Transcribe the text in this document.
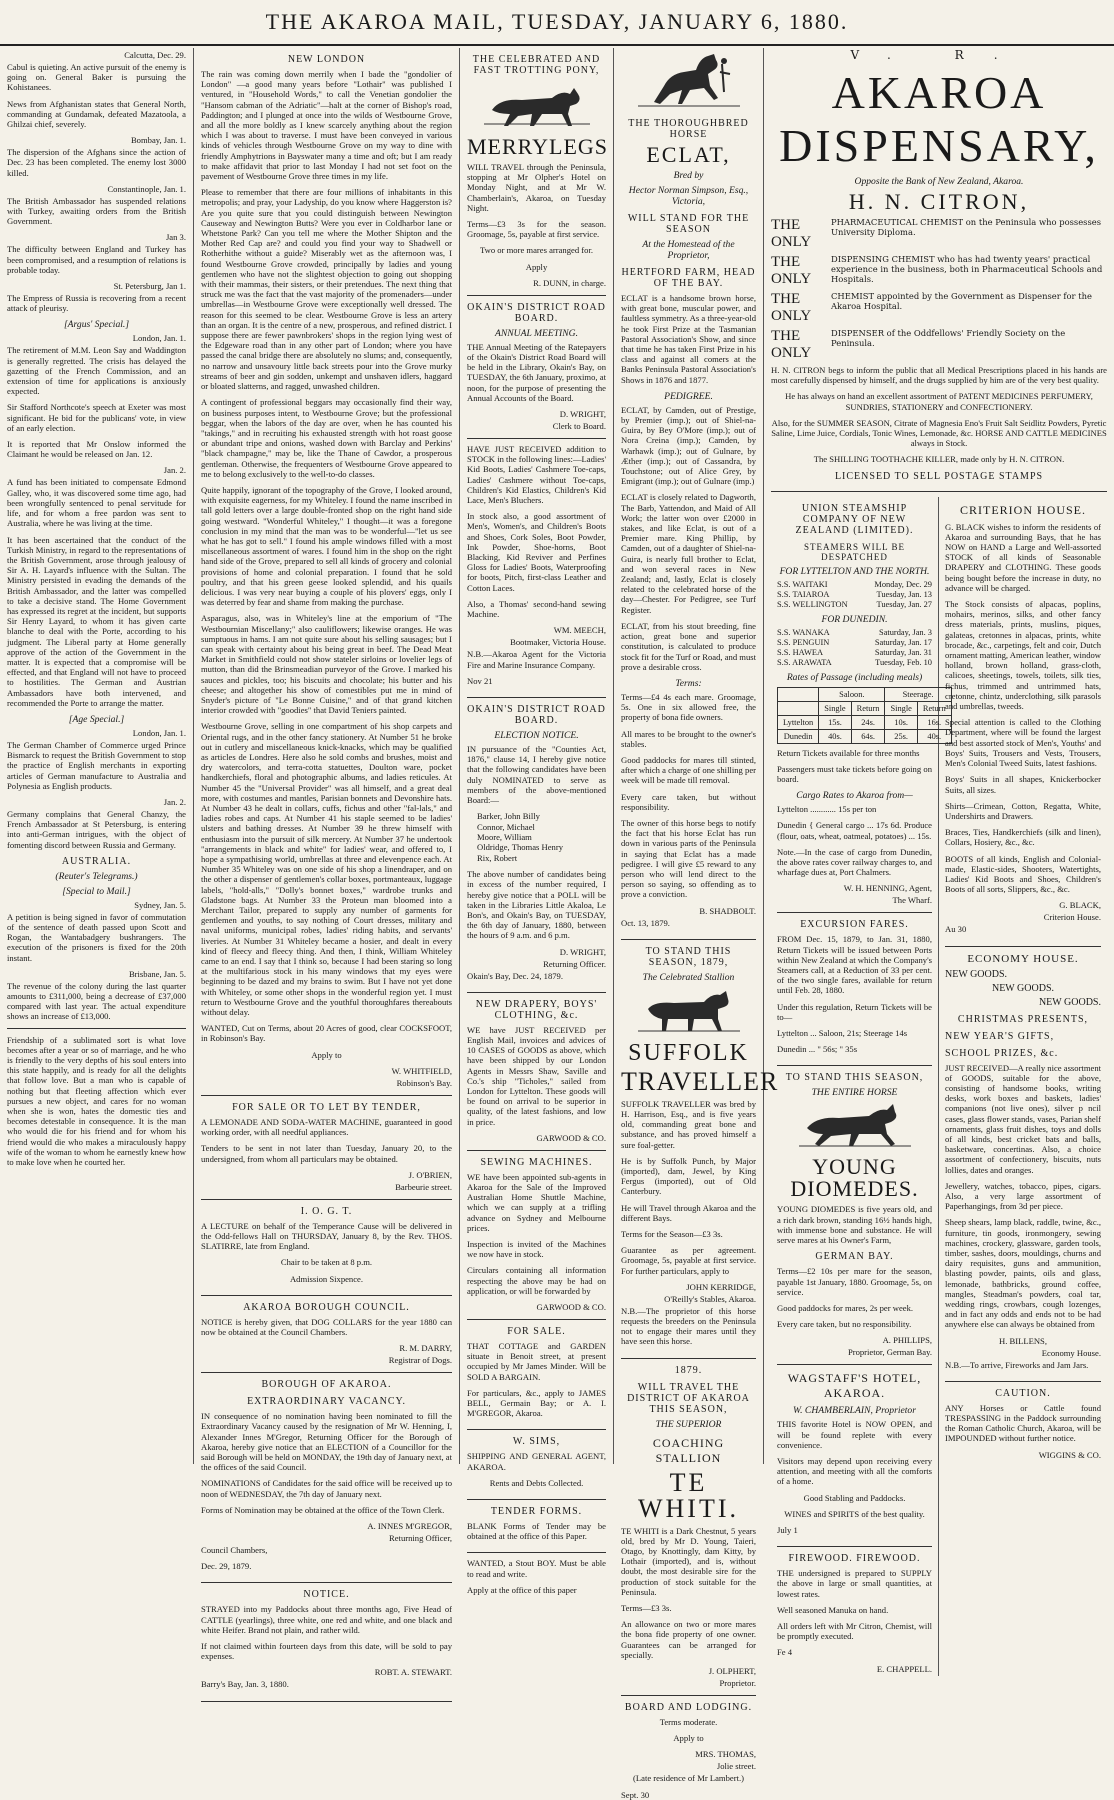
THE AKAROA MAIL, TUESDAY, JANUARY 6, 1880.
Calcutta, Dec. 29.

Cabul is quieting. An active pursuit of the enemy is going on. General Baker is pursuing the Kohistanees.

News from Afghanistan states that General North, commanding at Gundamak, defeated Mazatoola, a Ghilzai chief, severely.

Bombay, Jan. 1.

The dispersion of the Afghans since the action of Dec. 23 has been completed. The enemy lost 3000 killed.

Constantinople, Jan. 1.

The British Ambassador has suspended relations with Turkey, awaiting orders from the British Government.

Jan 3.

The difficulty between England and Turkey has been compromised, and a resumption of relations is probable today.

St. Petersburg, Jan 1.

The Empress of Russia is recovering from a recent attack of pleurisy.

[Argus' Special.]
London, Jan. 1.

The retirement of M.M. Leon Say and Waddington is generally regretted. The crisis has delayed the gazetting of the French Commission, and an extension of time for applications is anxiously expected.

Sir Stafford Northcote's speech at Exeter was most significant. He bid for the publicans' vote, in view of an early election.

It is reported that Mr Onslow informed the Claimant he would be released on Jan. 12.

Jan. 2.

A fund has been initiated to compensate Edmond Galley, who, it was discovered some time ago, had been wrongfully sentenced to penal servitude for life, and for whom a free pardon was sent to Australia, where he was living at the time.

It has been ascertained that the conduct of the Turkish Ministry, in regard to the representations of the British Government, arose through jealousy of Sir A. H. Layard's influence with the Sultan. The Ministry persisted in evading the demands of the British Ambassador, and the latter was compelled to take a decisive stand. The Home Government has expressed its regret at the incident, but supports Sir Henry Layard, to whom it has given carte blanche to deal with the Porte, according to his judgment. The Liberal party at Home generally approve of the action of the Government in the matter. It is expected that a compromise will be effected, and that England will not have to proceed to hostilities. The German and Austrian Ambassadors have both intervened, and recommended the Porte to arrange the matter.

[Age Special.]
London, Jan. 1.

The German Chamber of Commerce urged Prince Bismarck to request the British Government to stop the practice of English merchants in exporting articles of German manufacture to Australia and Polynesia as English products.

Jan. 2.

Germany complains that General Chanzy, the French Ambassador at St Petersburg, is entering into anti-German intrigues, with the object of fomenting discord between Russia and Germany.

AUSTRALIA.
(Reuter's Telegrams.)
[Special to Mail.]
Sydney, Jan. 5.

A petition is being signed in favor of commutation of the sentence of death passed upon Scott and Rogan, the Wantabadgery bushrangers. The execution of the prisoners is fixed for the 20th instant.

Brisbane, Jan. 5.

The revenue of the colony during the last quarter amounts to £311,000, being a decrease of £37,000 compared with last year. The actual expenditure shows an increase of £13,000.

Friendship of a sublimated sort is what love becomes after a year or so of marriage, and he who is friendly to the very depths of his soul enters into this state happily, and is ready for all the delights that follow love. But a man who is capable of nothing but that fleeting affection which ever pursues a new object, and cares for no woman when she is won, hates the domestic ties and becomes detestable in consequence. It is the man who would die for his friend and for whom his friend would die who makes a miraculously happy wife of the woman to whom he earnestly knew how to make love when he courted her.

NEW LONDON

The rain was coming down merrily when I bade the "gondolier of London" —a good many years before "Lothair" was published I ventured, in "Household Words," to call the Venetian gondolier the "Hansom cabman of the Adriatic"—halt at the corner of Bishop's road, Paddington; and I plunged at once into the wilds of Westbourne Grove, and all the more boldly as I knew scarcely anything about the region which I was about to traverse. I must have been conveyed in various kinds of vehicles through Westbourne Grove on my way to dine with friendly Amphytrions in Bayswater many a time and oft; but I am ready to make affidavit that prior to last Monday I had not set foot on the pavement of Westbourne Grove three times in my life.

Please to remember that there are four millions of inhabitants in this metropolis; and pray, your Ladyship, do you know where Haggerston is? Are you quite sure that you could distinguish between Newington Causeway and Newington Butts? Were you ever in Coldharbor lane or Whetstone Park? Can you tell me where the Mother Shipton and the Mother Red Cap are? and could you find your way to Shadwell or Rotherhithe without a guide? Miserably wet as the afternoon was, I found Westbourne Grove crowded, principally by ladies and young gentlemen who have not the slightest objection to going out shopping with their mammas, their sisters, or their pretendues. The next thing that struck me was the fact that the vast majority of the promenaders—under umbrellas—in Westbourne Grove were exceptionally well dressed. The reason for this seemed to be clear. Westbourne Grove is less an artery than an organ. It is the centre of a new, prosperous, and refined district. I suppose there are fewer pawnbrokers' shops in the region lying west of the Edgeware road than in any other part of London; where you have passed the canal bridge there are absolutely no slums; and, consequently, no narrow and unsavoury little back streets pour into the Grove murky streams of beer and gin sodden, unkempt and unshaven idlers, haggard or bloated slatterns, and ragged, unwashed children.

A contingent of professional beggars may occasionally find their way, on business purposes intent, to Westbourne Grove; but the professional beggar, when the labors of the day are over, when he has counted his "takings," and in recruiting his exhausted strength with hot roast goose or abundant tripe and onions, washed down with Barclay and Perkins' "black champagne," may be, like the Thane of Cawdor, a prosperous gentleman. Otherwise, the frequenters of Westbourne Grove appeared to me to belong exclusively to the well-to-do classes.

Quite happily, ignorant of the topography of the Grove, I looked around, with exquisite eagerness, for my Whiteley. I found the name inscribed in tall gold letters over a large double-fronted shop on the right hand side going westward. "Wonderful Whiteley," I thought—it was a foregone conclusion in my mind that the man was to be wonderful—"let us see what he has got to sell." I found his ample windows filled with a most miscellaneous assortment of wares. I found him in the shop on the right hand side of the Grove, prepared to sell all kinds of grocery and colonial provisions of home and colonial preparation. I found that he sold poultry, and that his green geese looked splendid, and his quails delicious. I was very near buying a couple of his plovers' eggs, only I was deterred by fear and shame from making the purchase.

Asparagus, also, was in Whiteley's line at the emporium of "The Westbournian Miscellany;" also cauliflowers; likewise oranges. He was sumptuous in hams. I am not quite sure about his selling sausages; but I can speak with certainty about his being great in beef. The Dead Meat Market in Smithfield could not show stateler sirloins or lovelier legs of mutton, than did the Brinsmeadian purveyor of the Grove. I marked his sauces and pickles, too; his biscuits and chocolate; his butter and his cheese; and altogether his show of comestibles put me in mind of Snyder's picture of "Le Bonne Cuisine," and of that grand kitchen interior crowded with "goodies" that David Teniers painted.

Westbourne Grove, selling in one compartment of his shop carpets and Oriental rugs, and in the other fancy stationery. At Number 51 he broke out in cutlery and miscellaneous knick-knacks, which may be qualified as articles de Londres. Here also he sold combs and brushes, moist and dry watercolors, and terra-cotta statuettes, Doulton ware, pocket handkerchiefs, floral and photographic albums, and ladies reticules. At Number 45 the "Universal Provider" was all himself, and a great deal more, with costumes and mantles, Parisian bonnets and Devonshire hats. At Number 43 he dealt in collars, cuffs, fichus and other "fal-lals," and ladies robes and caps. At Number 41 his staple seemed to be ladies' ulsters and bathing dresses. At Number 39 he threw himself with enthusiasm into the pursuit of silk mercery. At Number 37 he undertook "arrangements in black and white" for ladies' wear, and offered to, I hope a sympathising world, umbrellas at three and elevenpence each. At Number 35 Whiteley was on one side of his shop a linendraper, and on the other a dispenser of gentlemen's collar boxes, portmanteaux, luggage labels, "hold-alls," "Dolly's bonnet boxes," wardrobe trunks and Gladstone bags. At Number 33 the Proteun man bloomed into a Merchant Tailor, prepared to supply any number of garments for gentlemen and youths, to say nothing of Court dresses, military and naval uniforms, municipal robes, ladies' riding habits, and servants' liveries. At Number 31 Whiteley became a hosier, and dealt in every kind of fleecy and fleecy thing. And then, I think, William Whiteley came to an end. I say that I think so, because I had been staring so long at the multifarious stock in his many windows that my eyes were beginning to be dazed and my brains to swim. But I have not yet done with Whiteley, or some other shops in the wonderful region yet. I must return to Westbourne Grove and the youthful thoroughfares thereabouts without delay.

WANTED, Cut on Terms, about 20 Acres of good, clear COCKSFOOT, in Robinson's Bay.

Apply to

W. WHITFIELD,
Robinson's Bay.
FOR SALE OR TO LET BY TENDER,

A LEMONADE AND SODA-WATER MACHINE, guaranteed in good working order, with all needful appliances.

Tenders to be sent in not later than Tuesday, January 20, to the undersigned, from whom all particulars may be obtained.

J. O'BRIEN,
Barbeurie street.
I. O. G. T.

A LECTURE on behalf of the Temperance Cause will be delivered in the Odd-fellows Hall on THURSDAY, January 8, by the Rev. THOS. SLATIRRE, late from England.

Chair to be taken at 8 p.m.

Admission Sixpence.

AKAROA BOROUGH COUNCIL.

NOTICE is hereby given, that DOG COLLARS for the year 1880 can now be obtained at the Council Chambers.

R. M. DARRY,
Registrar of Dogs.
BOROUGH OF AKAROA.
EXTRAORDINARY VACANCY.

IN consequence of no nomination having been nominated to fill the Extraordinary Vacancy caused by the resignation of Mr W. Henning, I, Alexander Innes M'Gregor, Returning Officer for the Borough of Akaroa, hereby give notice that an ELECTION of a Councillor for the said Borough will be held on MONDAY, the 19th day of January next, at the offices of the said Council.

NOMINATIONS of Candidates for the said office will be received up to noon of WEDNESDAY, the 7th day of January next.

Forms of Nomination may be obtained at the office of the Town Clerk.

A. INNES M'GREGOR,
Returning Officer,

Council Chambers,

Dec. 29, 1879.

NOTICE.

STRAYED into my Paddocks about three months ago, Five Head of CATTLE (yearlings), three white, one red and white, and one black and white Heifer. Brand not plain, and rather wild.

If not claimed within fourteen days from this date, will be sold to pay expenses.

ROBT. A. STEWART.

Barry's Bay, Jan. 3, 1880.

THE CELEBRATED AND FAST TROTTING PONY,
MERRYLEGS

WILL TRAVEL through the Peninsula, stopping at Mr Olpher's Hotel on Monday Night, and at Mr W. Chamberlain's, Akaroa, on Tuesday Night.

Terms—£3 3s for the season. Groomage, 5s, payable at first service.

Two or more mares arranged for.

Apply

R. DUNN, in charge.
OKAIN'S DISTRICT ROAD BOARD.
ANNUAL MEETING.

THE Annual Meeting of the Ratepayers of the Okain's District Road Board will be held in the Library, Okain's Bay, on TUESDAY, the 6th January, proximo, at noon, for the purpose of presenting the Annual Accounts of the Board.

D. WRIGHT,
Clerk to Board.

HAVE JUST RECEIVED addition to STOCK in the following lines:—Ladies' Kid Boots, Ladies' Cashmere Toe-caps, Ladies' Cashmere without Toe-caps, Children's Kid Elastics, Children's Kid Lace, Men's Bluchers.

In stock also, a good assortment of Men's, Women's, and Children's Boots and Shoes, Cork Soles, Boot Powder, Ink Powder, Shoe-horns, Boot Blacking, Kid Reviver and Perfines Gloss for Ladies' Boots, Waterproofing for boots, Pitch, first-class Leather and Cotton Laces.

Also, a Thomas' second-hand sewing Machine.

WM. MEECH,
Bootmaker, Victoria House.

N.B.—Akaroa Agent for the Victoria Fire and Marine Insurance Company.

Nov 21

OKAIN'S DISTRICT ROAD BOARD.
ELECTION NOTICE.

IN pursuance of the "Counties Act, 1876," clause 14, I hereby give notice that the following candidates have been duly NOMINATED to serve as members of the above-mentioned Board:—

Barker, John Billy
Connor, Michael
Moore, William
Oldridge, Thomas Henry
Rix, Robert

The above number of candidates being in excess of the number required, I hereby give notice that a POLL will be taken in the Libraries Little Akaloa, Le Bon's, and Okain's Bay, on TUESDAY, the 6th day of January, 1880, between the hours of 9 a.m. and 6 p.m.

D. WRIGHT,
Returning Officer.

Okain's Bay, Dec. 24, 1879.

NEW DRAPERY, BOYS' CLOTHING, &c.

WE have JUST RECEIVED per English Mail, invoices and advices of 10 CASES of GOODS as above, which have been shipped by our London Agents in Messrs Shaw, Saville and Co.'s ship "Ticholes," sailed from London for Lyttelton. These goods will be found on arrival to be superior in quality, of the latest fashions, and low in price.

GARWOOD & CO.
SEWING MACHINES.

WE have been appointed sub-agents in Akaroa for the Sale of the Improved Australian Home Shuttle Machine, which we can supply at a trifling advance on Sydney and Melbourne prices.

Inspection is invited of the Machines we now have in stock.

Circulars containing all information respecting the above may be had on application, or will be forwarded by

GARWOOD & CO.
FOR SALE.

THAT COTTAGE and GARDEN situate in Benoit street, at present occupied by Mr James Minder. Will be SOLD A BARGAIN.

For particulars, &c., apply to JAMES BELL, Germain Bay; or A. I. M'GREGOR, Akaroa.

W. SIMS,

SHIPPING AND GENERAL AGENT, AKAROA.

Rents and Debts Collected.

TENDER FORMS.

BLANK Forms of Tender may be obtained at the office of this Paper.

WANTED, a Stout BOY. Must be able to read and write.

Apply at the office of this paper

THE THOROUGHBRED HORSE
ECLAT,
Bred by
Hector Norman Simpson, Esq., Victoria,
WILL STAND FOR THE SEASON
At the Homestead of the Proprietor,
HERTFORD FARM, HEAD OF THE BAY.

ECLAT is a handsome brown horse, with great bone, muscular power, and faultless symmetry. As a three-year-old he took First Prize at the Tasmanian Pastoral Association's Show, and since that time he has taken First Prize in his class and against all comers at the Banks Peninsula Pastoral Association's Shows in 1876 and 1877.

PEDIGREE.

ECLAT, by Camden, out of Prestige, by Premier (imp.); out of Shiel-na-Guira, by Bey O'More (imp.); out of Nora Creina (imp.); Camden, by Warhawk (imp.); out of Gulnare, by Æther (imp.); out of Cassandra, by Touchstone; out of Alice Grey, by Emigrant (imp.); out of Gulnare (imp.)

ECLAT is closely related to Dagworth, The Barb, Yattendon, and Maid of All Work; the latter won over £2000 in stakes, and like Eclat, is out of a Premier mare. King Phillip, by Camden, out of a daughter of Shiel-na-Guira, is nearly full brother to Eclat, and won several races in New Zealand; and, lastly, Eclat is closely related to the celebrated horse of the day—Chester. For Pedigree, see Turf Register.

ECLAT, from his stout breeding, fine action, great bone and superior constitution, is calculated to produce stock fit for the Turf or Road, and must prove a desirable cross.

Terms:

Terms—£4 4s each mare. Groomage, 5s. One in six allowed free, the property of bona fide owners.

All mares to be brought to the owner's stables.

Good paddocks for mares till stinted, after which a charge of one shilling per week will be made till removal.

Every care taken, but without responsibility.

The owner of this horse begs to notify the fact that his horse Eclat has run down in various parts of the Peninsula in saying that Eclat has a made pedigree. I will give £5 reward to any person who will lend direct to the person so saying, so offending as to prove a conviction.

B. SHADBOLT.

Oct. 13, 1879.

TO STAND THIS SEASON, 1879,
The Celebrated Stallion
SUFFOLK
TRAVELLER

SUFFOLK TRAVELLER was bred by H. Harrison, Esq., and is five years old, commanding great bone and substance, and has proved himself a sure foal-getter.

He is by Suffolk Punch, by Major (imported), dam, Jewel, by King Fergus (imported), out of Old Canterbury.

He will Travel through Akaroa and the different Bays.

Terms for the Season—£3 3s.

Guarantee as per agreement. Groomage, 5s, payable at first service. For further particulars, apply to

JOHN KERRIDGE,
O'Reilly's Stables, Akaroa.

N.B.—The proprietor of this horse requests the breeders on the Peninsula not to engage their mares until they have seen this horse.

1879.
WILL TRAVEL THE DISTRICT OF AKAROA THIS SEASON,
THE SUPERIOR
COACHING STALLION
TE WHITI.

TE WHITI is a Dark Chestnut, 5 years old, bred by Mr D. Young, Taieri, Otago, by Knottingly, dam Kitty, by Lothair (imported), and is, without doubt, the most desirable sire for the production of stock suitable for the Peninsula.

Terms—£3 3s.

An allowance on two or more mares the bona fide property of one owner. Guarantees can be arranged for specially.

J. OLPHERT,
Proprietor.
BOARD AND LODGING.

Terms moderate.

Apply to

MRS. THOMAS,
Jolie street.

(Late residence of Mr Lambert.)

Sept. 30

V. R.
AKAROA DISPENSARY,
Opposite the Bank of New Zealand, Akaroa.
H. N. CITRON,
THE ONLY
PHARMACEUTICAL CHEMIST on the Peninsula who possesses University Diploma.
THE ONLY
DISPENSING CHEMIST who has had twenty years' practical experience in the business, both in Pharmaceutical Schools and Hospitals.
THE ONLY
CHEMIST appointed by the Government as Dispenser for the Akaroa Hospital.
THE ONLY
DISPENSER of the Oddfellows' Friendly Society on the Peninsula.

H. N. CITRON begs to inform the public that all Medical Prescriptions placed in his hands are most carefully dispensed by himself, and the drugs supplied by him are of the very best quality.

He has always on hand an excellent assortment of PATENT MEDICINES PERFUMERY, SUNDRIES, STATIONERY and CONFECTIONERY.

Also, for the SUMMER SEASON, Citrate of Magnesia Eno's Fruit Salt Seidlitz Powders, Pyretic Saline, Lime Juice, Cordials, Tonic Wines, Lemonade, &c. HORSE AND CATTLE MEDICINES always in Stock.

The SHILLING TOOTHACHE KILLER, made only by H. N. CITRON.

LICENSED TO SELL POSTAGE STAMPS
UNION STEAMSHIP COMPANY OF NEW ZEALAND (LIMITED).
STEAMERS WILL BE DESPATCHED
FOR LYTTELTON AND THE NORTH.
S.S. WAITAKI	Monday, Dec. 29
S.S. TAIAROA	Tuesday, Jan. 13
S.S. WELLINGTON	Tuesday, Jan. 27
FOR DUNEDIN.
S.S. WANAKA	Saturday, Jan. 3
S.S. PENGUIN	Saturday, Jan. 17
S.S. HAWEA	Saturday, Jan. 31
S.S. ARAWATA	Tuesday, Feb. 10
Rates of Passage (including meals)
	Saloon.		Steerage.	
	Single	Return	Single	Return
Lyttelton	15s.	24s.	10s.	16s.
Dunedin	40s.	64s.	25s.	40s.

Return Tickets available for three months

Passengers must take tickets before going on board.

Cargo Rates to Akaroa from—

Lyttelton ............ 15s per ton

Dunedin { General cargo ... 17s 6d. Produce (flour, oats, wheat, oatmeal, potatoes) ... 15s.

Note.—In the case of cargo from Dunedin, the above rates cover railway charges to, and wharfage dues at, Port Chalmers.

W. H. HENNING, Agent,
The Wharf.
EXCURSION FARES.

FROM Dec. 15, 1879, to Jan. 31, 1880, Return Tickets will be issued between Ports within New Zealand at which the Company's Steamers call, at a Reduction of 33 per cent. of the two single fares, available for return until Feb. 28, 1880.

Under this regulation, Return Tickets will be to—

Lyttelton ... Saloon, 21s; Steerage 14s

Dunedin ... " 56s; " 35s

TO STAND THIS SEASON,
THE ENTIRE HORSE
YOUNG DIOMEDES.

YOUNG DIOMEDES is five years old, and a rich dark brown, standing 16½ hands high, with immense bone and substance. He will serve mares at his Owner's Farm,

GERMAN BAY.

Terms—£2 10s per mare for the season, payable 1st January, 1880. Groomage, 5s, on service.

Good paddocks for mares, 2s per week.

Every care taken, but no responsibility.

A. PHILLIPS,
Proprietor, German Bay.
WAGSTAFF'S HOTEL, AKAROA.
W. CHAMBERLAIN, Proprietor

THIS favorite Hotel is NOW OPEN, and will be found replete with every convenience.

Visitors may depend upon receiving every attention, and meeting with all the comforts of a home.

Good Stabling and Paddocks.

WINES and SPIRITS of the best quality.

July 1

FIREWOOD. FIREWOOD.

THE undersigned is prepared to SUPPLY the above in large or small quantities, at lowest rates.

Well seasoned Manuka on hand.

All orders left with Mr Citron, Chemist, will be promptly executed.

Fe 4

E. CHAPPELL.
CRITERION HOUSE.

G. BLACK wishes to inform the residents of Akaroa and surrounding Bays, that he has NOW on HAND a Large and Well-assorted STOCK of all kinds of Seasonable DRAPERY and CLOTHING. These goods being bought before the increase in duty, no advance will be charged.

The Stock consists of alpacas, poplins, mohairs, merinos, silks, and other fancy dress materials, prints, muslins, piques, galateas, cretonnes in alpacas, prints, white brocade, &c., carpetings, felt and coir, Dutch ornament matting, American leather, window holland, brown holland, grass-cloth, calicoes, sheetings, towels, toilets, silk ties, fichus, trimmed and untrimmed hats, cretonne, chintz, underclothing, silk parasols and umbrellas, tweeds.

Special attention is called to the Clothing Department, where will be found the largest and best assorted stock of Men's, Youths' and Boys' Suits, Trousers and Vests, Trousers, Men's Colonial Tweed Suits, latest fashions.

Boys' Suits in all shapes, Knickerbocker Suits, all sizes.

Shirts—Crimean, Cotton, Regatta, White, Undershirts and Drawers.

Braces, Ties, Handkerchiefs (silk and linen), Collars, Hosiery, &c., &c.

BOOTS of all kinds, English and Colonial-made, Elastic-sides, Shooters, Watertights, Ladies' Kid Boots and Shoes, Children's Boots of all sorts, Slippers, &c., &c.

G. BLACK,
Criterion House.

Au 30

ECONOMY HOUSE.
NEW GOODS.
NEW GOODS.
NEW GOODS.
CHRISTMAS PRESENTS,
NEW YEAR'S GIFTS,
SCHOOL PRIZES, &c.

JUST RECEIVED—A really nice assortment of GOODS, suitable for the above, consisting of handsome books, writing desks, work boxes and baskets, ladies' companions (not live ones), silver p ncil cases, glass flower stands, vases, Parian shelf ornaments, glass fruit dishes, toys and dolls of all kinds, best cricket bats and balls, basketware, concertinas. Also, a choice assortment of confectionery, biscuits, nuts lollies, dates and oranges.

Jewellery, watches, tobacco, pipes, cigars. Also, a very large assortment of Paperhangings, from 3d per piece.

Sheep shears, lamp black, raddle, twine, &c., furniture, tin goods, ironmongery, sewing machines, crockery, glassware, garden tools, timber, sashes, doors, mouldings, churns and dairy requisites, guns and ammunition, blasting powder, paints, oils and glass, lemonade, bathbricks, ground coffee, mangles, Steadman's powders, coal tar, wedding rings, crowbars, cough lozenges, and in fact any odds and ends not to be had anywhere else can always be obtained from

H. BILLENS,
Economy House.

N.B.—To arrive, Fireworks and Jam Jars.

CAUTION.

ANY Horses or Cattle found TRESPASSING in the Paddock surrounding the Roman Catholic Church, Akaroa, will be IMPOUNDED without further notice.

WIGGINS & CO.
